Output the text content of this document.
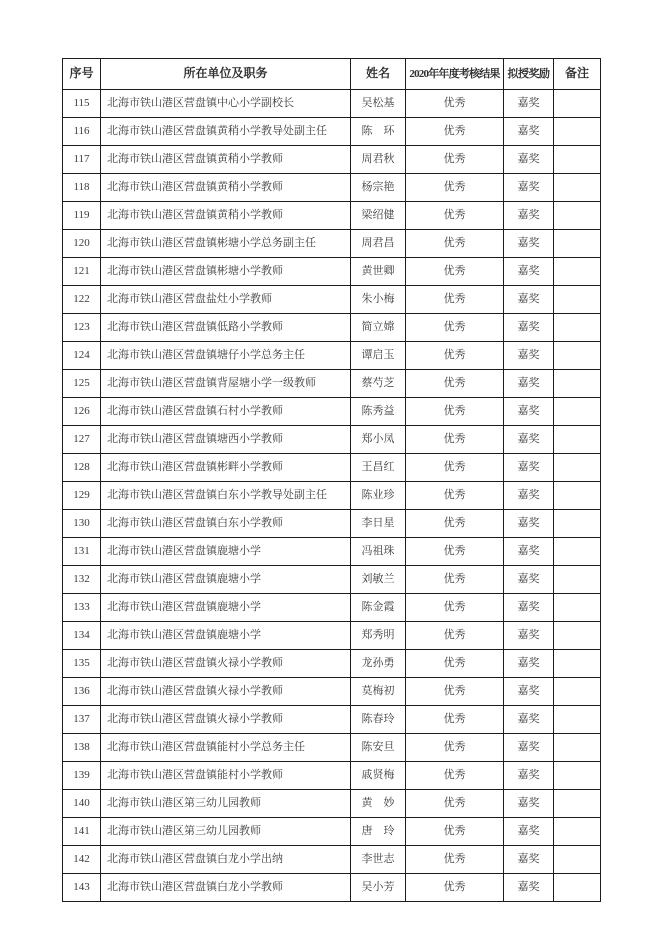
序号	所在单位及职务	姓名	2020年年度考核结果	拟授奖励	备注
115	北海市铁山港区营盘镇中心小学副校长	吴松基	优秀	嘉奖	
116	北海市铁山港区营盘镇黄稍小学教导处副主任	陈　环	优秀	嘉奖	
117	北海市铁山港区营盘镇黄稍小学教师	周君秋	优秀	嘉奖	
118	北海市铁山港区营盘镇黄稍小学教师	杨宗艳	优秀	嘉奖	
119	北海市铁山港区营盘镇黄稍小学教师	梁绍健	优秀	嘉奖	
120	北海市铁山港区营盘镇彬塘小学总务副主任	周君昌	优秀	嘉奖	
121	北海市铁山港区营盘镇彬塘小学教师	黄世卿	优秀	嘉奖	
122	北海市铁山港区营盘盐灶小学教师	朱小梅	优秀	嘉奖	
123	北海市铁山港区营盘镇低路小学教师	简立嫦	优秀	嘉奖	
124	北海市铁山港区营盘镇塘仔小学总务主任	谭启玉	优秀	嘉奖	
125	北海市铁山港区营盘镇背屋塘小学一级教师	蔡芍芝	优秀	嘉奖	
126	北海市铁山港区营盘镇石村小学教师	陈秀益	优秀	嘉奖	
127	北海市铁山港区营盘镇塘西小学教师	郑小凤	优秀	嘉奖	
128	北海市铁山港区营盘镇彬畔小学教师	王昌红	优秀	嘉奖	
129	北海市铁山港区营盘镇白东小学教导处副主任	陈业珍	优秀	嘉奖	
130	北海市铁山港区营盘镇白东小学教师	李日星	优秀	嘉奖	
131	北海市铁山港区营盘镇鹿塘小学	冯祖珠	优秀	嘉奖	
132	北海市铁山港区营盘镇鹿塘小学	刘敏兰	优秀	嘉奖	
133	北海市铁山港区营盘镇鹿塘小学	陈金霞	优秀	嘉奖	
134	北海市铁山港区营盘镇鹿塘小学	郑秀明	优秀	嘉奖	
135	北海市铁山港区营盘镇火禄小学教师	龙孙勇	优秀	嘉奖	
136	北海市铁山港区营盘镇火禄小学教师	莫梅初	优秀	嘉奖	
137	北海市铁山港区营盘镇火禄小学教师	陈春玲	优秀	嘉奖	
138	北海市铁山港区营盘镇能村小学总务主任	陈安旦	优秀	嘉奖	
139	北海市铁山港区营盘镇能村小学教师	戚贤梅	优秀	嘉奖	
140	北海市铁山港区第三幼儿园教师	黄　妙	优秀	嘉奖	
141	北海市铁山港区第三幼儿园教师	唐　玲	优秀	嘉奖	
142	北海市铁山港区营盘镇白龙小学出纳	李世志	优秀	嘉奖	
143	北海市铁山港区营盘镇白龙小学教师	吴小芳	优秀	嘉奖	
